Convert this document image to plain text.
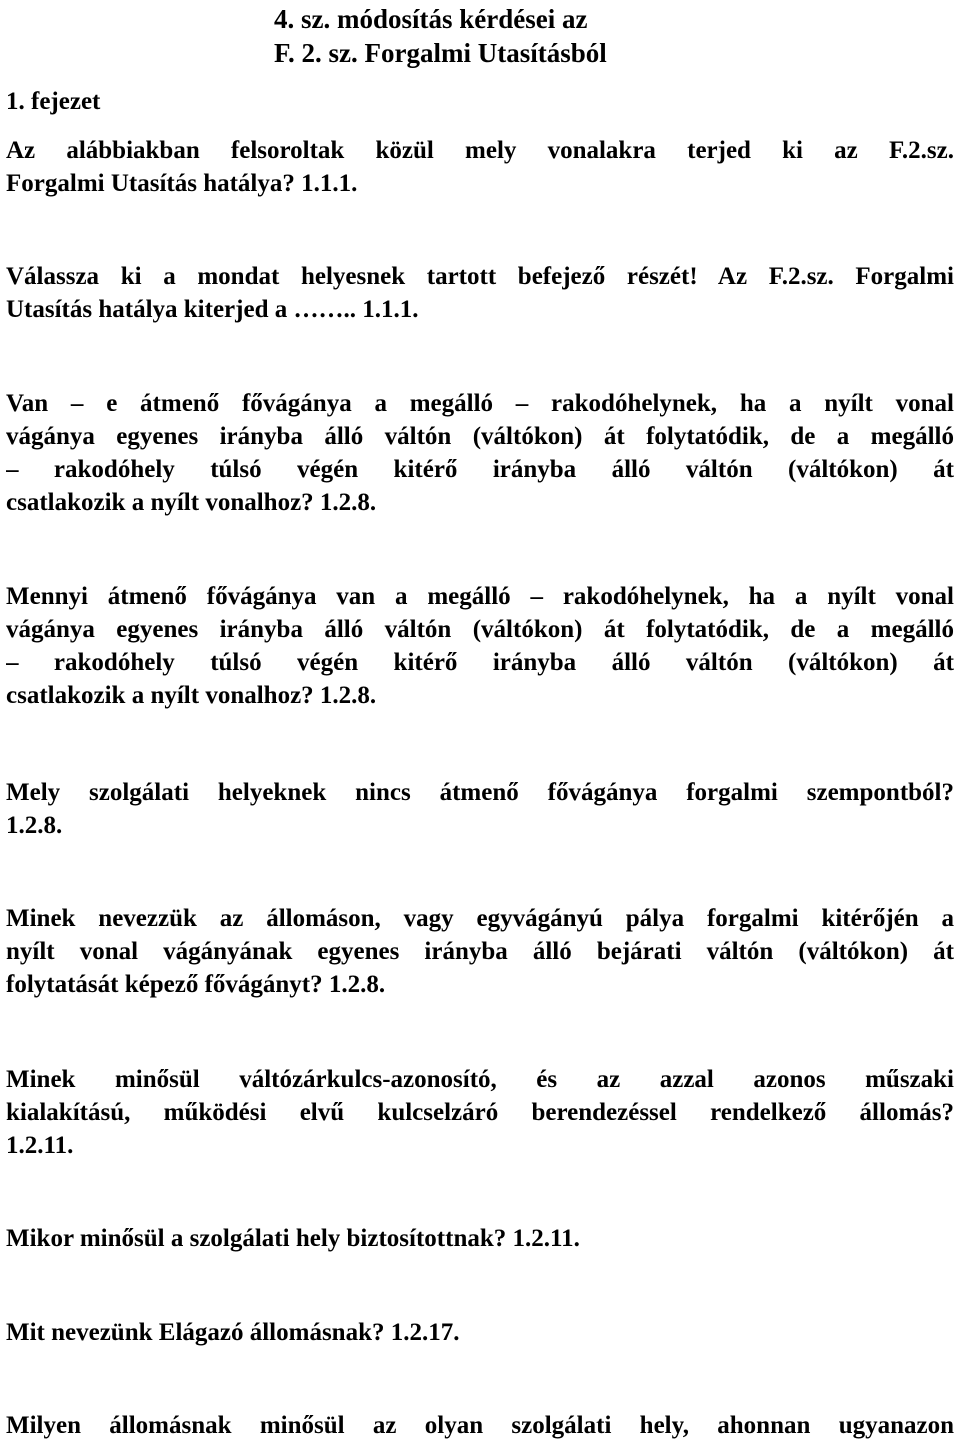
4. sz. módosítás kérdései az
F. 2. sz. Forgalmi Utasításból
1. fejezet
Az alábbiakban felsoroltak közül mely vonalakra terjed ki az F.2.sz.
Forgalmi Utasítás hatálya? 1.1.1.
Válassza ki a mondat helyesnek tartott befejező részét! Az F.2.sz. Forgalmi
Utasítás hatálya kiterjed a …….. 1.1.1.
Van – e átmenő fővágánya a megálló – rakodóhelynek, ha a nyílt vonal
vágánya egyenes irányba álló váltón (váltókon) át folytatódik, de a megálló
– rakodóhely túlsó végén kitérő irányba álló váltón (váltókon) át
csatlakozik a nyílt vonalhoz? 1.2.8.
Mennyi átmenő fővágánya van a megálló – rakodóhelynek, ha a nyílt vonal
vágánya egyenes irányba álló váltón (váltókon) át folytatódik, de a megálló
– rakodóhely túlsó végén kitérő irányba álló váltón (váltókon) át
csatlakozik a nyílt vonalhoz? 1.2.8.
Mely szolgálati helyeknek nincs átmenő fővágánya forgalmi szempontból?
1.2.8.
Minek nevezzük az állomáson, vagy egyvágányú pálya forgalmi kitérőjén a
nyílt vonal vágányának egyenes irányba álló bejárati váltón (váltókon) át
folytatását képező fővágányt? 1.2.8.
Minek minősül váltózárkulcs-azonosító, és az azzal azonos műszaki
kialakítású, működési elvű kulcselzáró berendezéssel rendelkező állomás?
1.2.11.
Mikor minősül a szolgálati hely biztosítottnak? 1.2.11.
Mit nevezünk Elágazó állomásnak? 1.2.17.
Milyen állomásnak minősül az olyan szolgálati hely, ahonnan ugyanazon
